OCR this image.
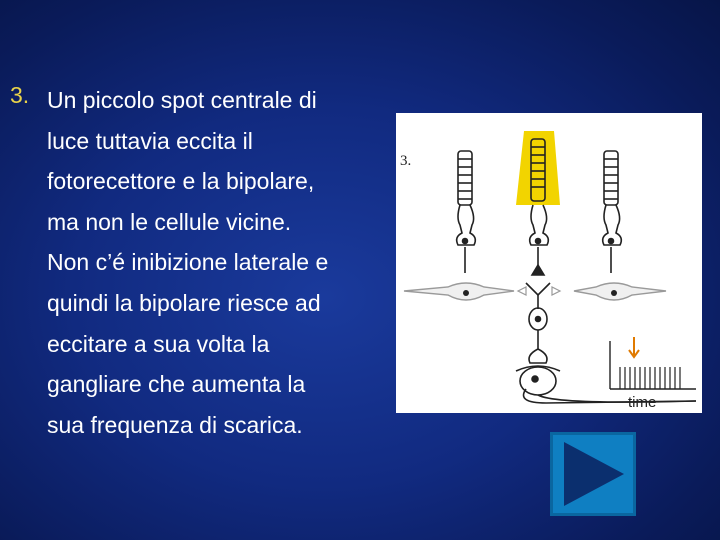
3. Un piccolo spot centrale di
luce tuttavia eccita il
fotorecettore e la bipolare,
ma non le cellule vicine.
Non c’é inibizione laterale e
quindi la bipolare riesce ad
eccitare a sua volta la
gangliare che aumenta la
sua frequenza di scarica.
3.
time
